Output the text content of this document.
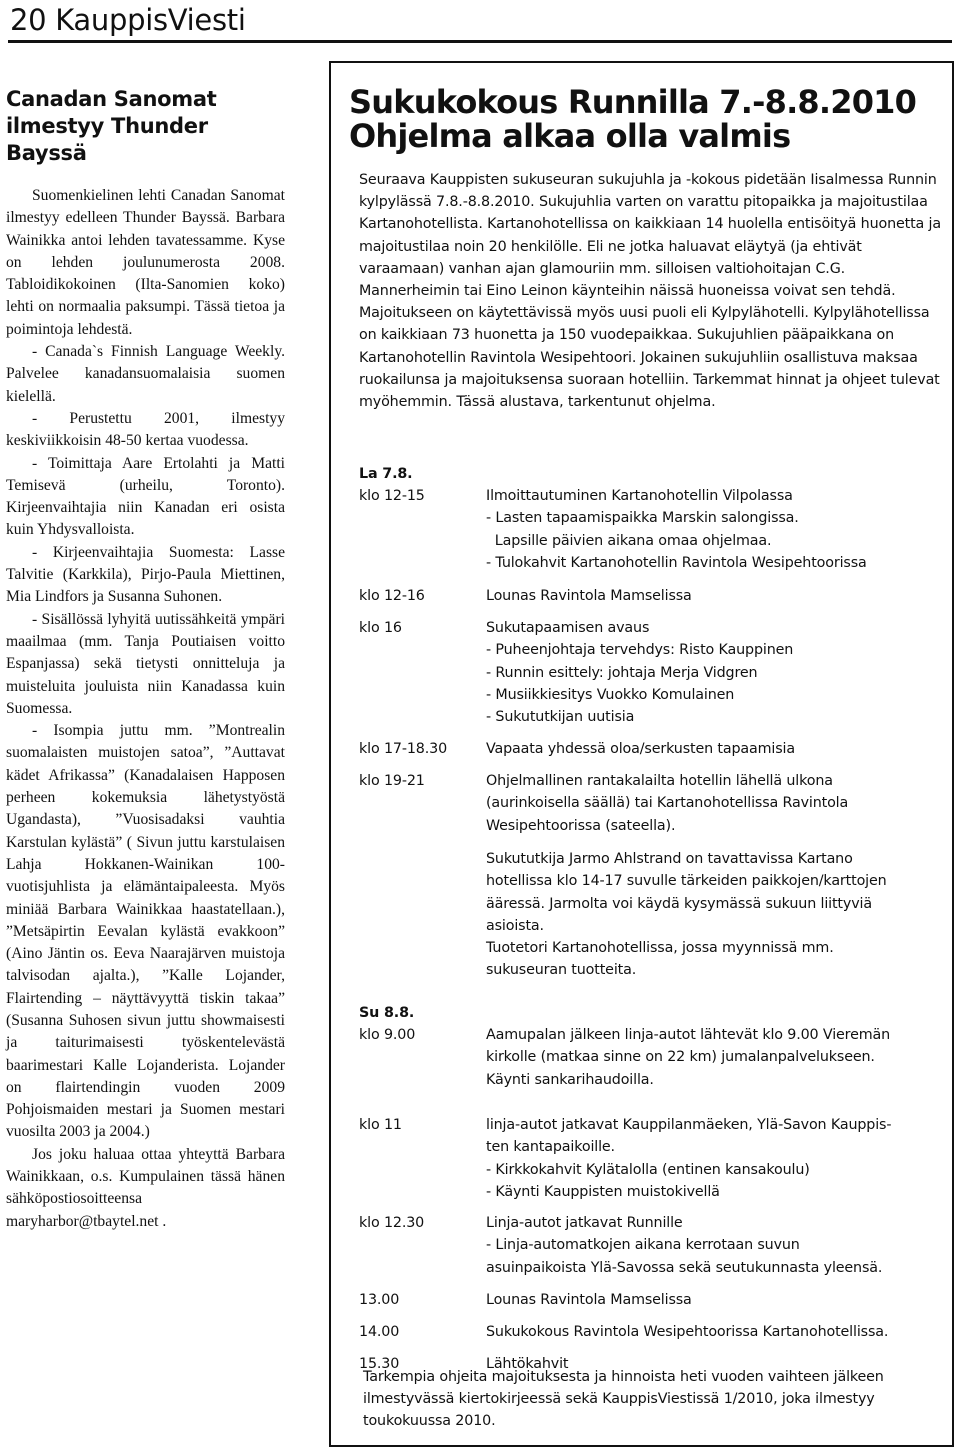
20 KauppisViesti
Canadan Sanomat ilmestyy Thunder Bayssä

Suomenkielinen lehti Canadan Sanomat ilmestyy edelleen Thunder Bayssä. Barbara Wainikka antoi lehden tavatessamme. Kyse on lehden joulunumerosta 2008. Tabloidikokoinen (Ilta-Sanomien koko) lehti on normaalia paksumpi. Tässä tietoa ja poimintoja lehdestä.

- Canada`s Finnish Language Weekly. Palvelee kanadansuomalaisia suomen kielellä.

- Perustettu 2001, ilmestyy keskiviikkoisin 48-50 kertaa vuodessa.

- Toimittaja Aare Ertolahti ja Matti Temisevä (urheilu, Toronto). Kirjeenvaihtajia niin Kanadan eri osista kuin Yhdysvalloista.

- Kirjeenvaihtajia Suomesta: Lasse Talvitie (Karkkila), Pirjo-Paula Miettinen, Mia Lindfors ja Susanna Suhonen.

- Sisällössä lyhyitä uutissähkeitä ympäri maailmaa (mm. Tanja Poutiaisen voitto Espanjassa) sekä tietysti onnitteluja ja muisteluita jouluista niin Kanadassa kuin Suomessa.

- Isompia juttu mm. ”Montrealin suomalaisten muistojen satoa”, ”Auttavat kädet Afrikassa” (Kanadalaisen Happosen perheen kokemuksia lähetystyöstä Ugandasta), ”Vuosisadaksi vauhtia Karstulan kylästä” ( Sivun juttu karstulaisen Lahja Hokkanen-Wainikan 100-vuotisjuhlista ja elämäntaipaleesta. Myös miniää Barbara Wainikkaa haastatellaan.), ”Metsäpirtin Eevalan kylästä evakkoon” (Aino Jäntin os. Eeva Naarajärven muistoja talvisodan ajalta.), ”Kalle Lojander, Flairtending – näyttävyyttä tiskin takaa” (Susanna Suhosen sivun juttu showmaisesti ja taiturimaisesti työskentelevästä baarimestari Kalle Lojanderista. Lojander on flairtendingin vuoden 2009 Pohjoismaiden mestari ja Suomen mestari vuosilta 2003 ja 2004.)

Jos joku haluaa ottaa yhteyttä Barbara Wainikkaan, o.s. Kumpulainen tässä hänen sähköpostiosoitteensa maryharbor@tbaytel.net .

Sukukokous Runnilla 7.-8.8.2010
Ohjelma alkaa olla valmis

Seuraava Kauppisten sukuseuran sukujuhla ja -kokous pidetään Iisalmessa Runnin kylpylässä 7.8.-8.8.2010. Sukujuhlia varten on varattu pitopaikka ja majoitustilaa Kartanohotellista. Kartanohotellissa on kaikkiaan 14 huolella entisöityä huonetta ja majoitustilaa noin 20 henkilölle. Eli ne jotka haluavat eläytyä (ja ehtivät varaamaan) vanhan ajan glamouriin mm. silloisen valtiohoitajan C.G. Mannerheimin tai Eino Leinon käynteihin näissä huoneissa voivat sen tehdä. Majoitukseen on käytettävissä myös uusi puoli eli Kylpylähotelli. Kylpylähotellissa on kaikkiaan 73 huonetta ja 150 vuodepaikkaa. Sukujuhlien pääpaikkana on Kartanohotellin Ravintola Wesipehtoori. Jokainen sukujuhliin osallistuva maksaa ruokailunsa ja majoituksensa suoraan hotelliin. Tarkemmat hinnat ja ohjeet tulevat myöhemmin. Tässä alustava, tarkentunut ohjelma.

La 7.8.
klo 12-15	Ilmoittautuminen Kartanohotellin Vilpolassa
- Lasten tapaamispaikka Marskin salongissa.
Lapsille päivien aikana omaa ohjelmaa.
- Tulokahvit Kartanohotellin Ravintola Wesipehtoorissa
klo 12-16	Lounas Ravintola Mamselissa
klo 16	Sukutapaamisen avaus
- Puheenjohtaja tervehdys: Risto Kauppinen
- Runnin esittely: johtaja Merja Vidgren
- Musiikkiesitys Vuokko Komulainen
- Sukututkijan uutisia
klo 17-18.30	Vapaata yhdessä oloa/serkusten tapaamisia
klo 19-21	Ohjelmallinen rantakalailta hotellin lähellä ulkona
(aurinkoisella säällä) tai Kartanohotellissa Ravintola
Wesipehtoorissa (sateella).
Sukututkija Jarmo Ahlstrand on tavattavissa Kartano
hotellissa klo 14-17 suvulle tärkeiden paikkojen/karttojen
ääressä. Jarmolta voi käydä kysymässä sukuun liittyviä
asioista.
Tuotetori Kartanohotellissa, jossa myynnissä mm.
sukuseuran tuotteita.
Su 8.8.
klo 9.00	Aamupalan jälkeen linja-autot lähtevät klo 9.00 Vieremän
kirkolle (matkaa sinne on 22 km) jumalanpalvelukseen.
Käynti sankarihaudoilla.
klo 11	linja-autot jatkavat Kauppilanmäeken, Ylä-Savon Kauppis-
ten kantapaikoille.
- Kirkkokahvit Kylätalolla (entinen kansakoulu)
- Käynti Kauppisten muistokivellä
klo 12.30	Linja-autot jatkavat Runnille
- Linja-automatkojen aikana kerrotaan suvun
asuinpaikoista Ylä-Savossa sekä seutukunnasta yleensä.
13.00	Lounas Ravintola Mamselissa
14.00	Sukukokous Ravintola Wesipehtoorissa Kartanohotellissa.
15.30	Lähtökahvit
Tarkempia ohjeita majoituksesta ja hinnoista heti vuoden vaihteen jälkeen ilmestyvässä kiertokirjeessä sekä KauppisViestissä 1/2010, joka ilmestyy toukokuussa 2010.
